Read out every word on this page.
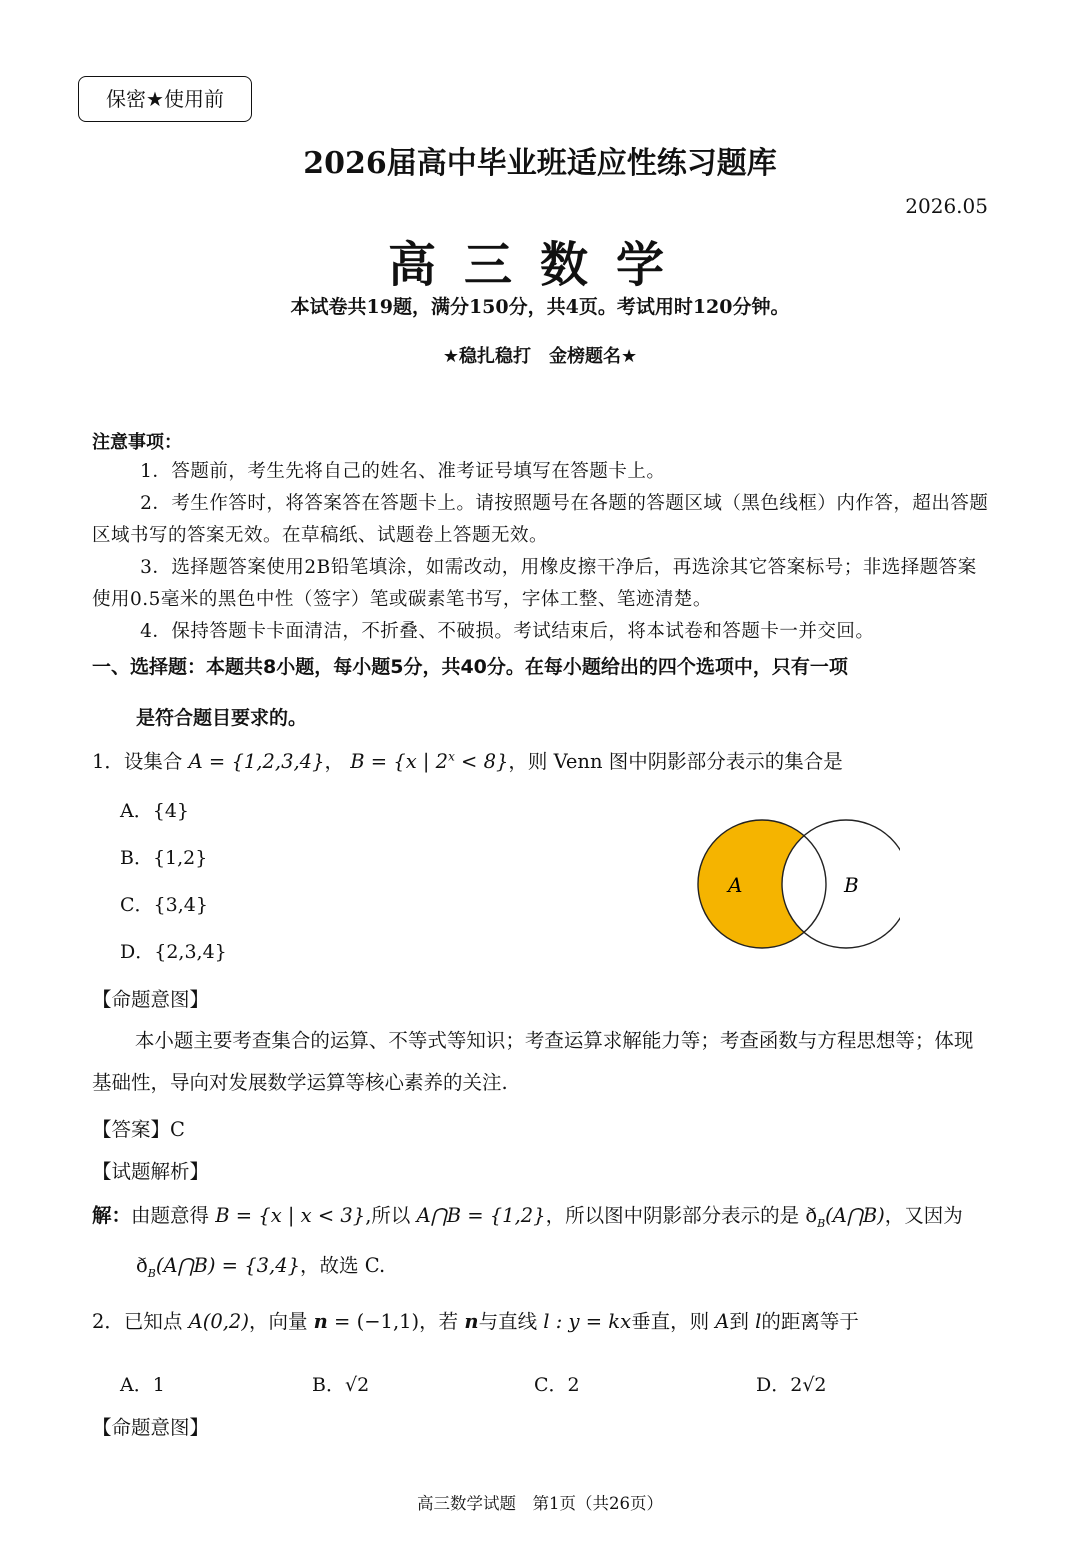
保密★使用前
2026届高中毕业班适应性练习题库
2026.05
高三数学
本试卷共19题，满分150分，共4页。考试用时120分钟。
★稳扎稳打　金榜题名★
注意事项：
1．答题前，考生先将自己的姓名、准考证号填写在答题卡上。
2．考生作答时，将答案答在答题卡上。请按照题号在各题的答题区域（黑色线框）内作答，超出答题区域书写的答案无效。在草稿纸、试题卷上答题无效。
3．选择题答案使用2B铅笔填涂，如需改动，用橡皮擦干净后，再选涂其它答案标号；非选择题答案使用0.5毫米的黑色中性（签字）笔或碳素笔书写，字体工整、笔迹清楚。
4．保持答题卡卡面清洁，不折叠、不破损。考试结束后，将本试卷和答题卡一并交回。
一、选择题：本题共8小题，每小题5分，共40分。在每小题给出的四个选项中，只有一项
是符合题目要求的。
1．设集合 A = {1,2,3,4}， B = {x | $2^x < 8$}，则 Venn 图中阴影部分表示的集合是
A．{4}
B．{1,2}
C．{3,4}
D．{2,3,4}
A	B
【命题意图】
本小题主要考查集合的运算、不等式等知识；考查运算求解能力等；考查函数与方程思想等；体现基础性，导向对发展数学运算等核心素养的关注.
【答案】C
【试题解析】
解：由题意得 B = {x | x < 3},所以 A⋂B = {1,2}，所以图中阴影部分表示的是 $ð_B(A⋂B)$，又因为
$ð_B(A⋂B) = \{3,4\}$，故选 C.
2．已知点 A(0,2)，向量 n = (−1,1)，若 n与直线 l : y = kx垂直，则 A到 l的距离等于
A．1	B．√2	C．2	D．2√2
【命题意图】
高三数学试题　第1页（共26页）
